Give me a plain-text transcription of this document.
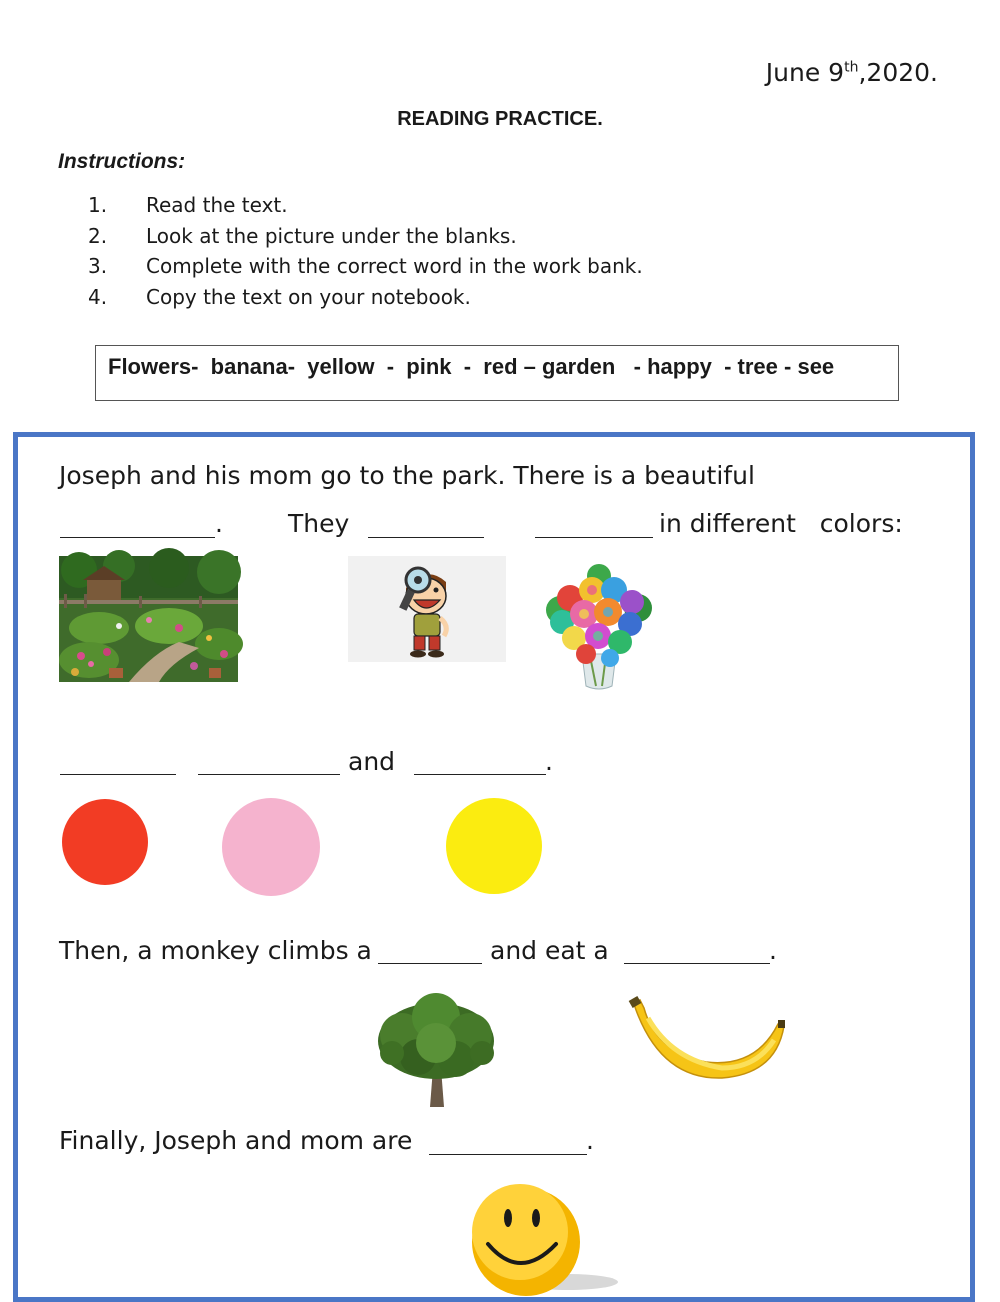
June 9th,2020.
READING PRACTICE.
Instructions:
1.	Read the text.
2.	Look at the picture under the blanks.
3.	Complete with the correct word in the work bank.
4.	Copy the text on your notebook.
Flowers-  banana-  yellow  -  pink  -  red – garden   - happy  - tree - see
Joseph and his mom go to the park. There is a beautiful
.	They	in different   colors:
and	.
Then, a monkey climbs a	and eat a	.
Finally, Joseph and mom are	.
